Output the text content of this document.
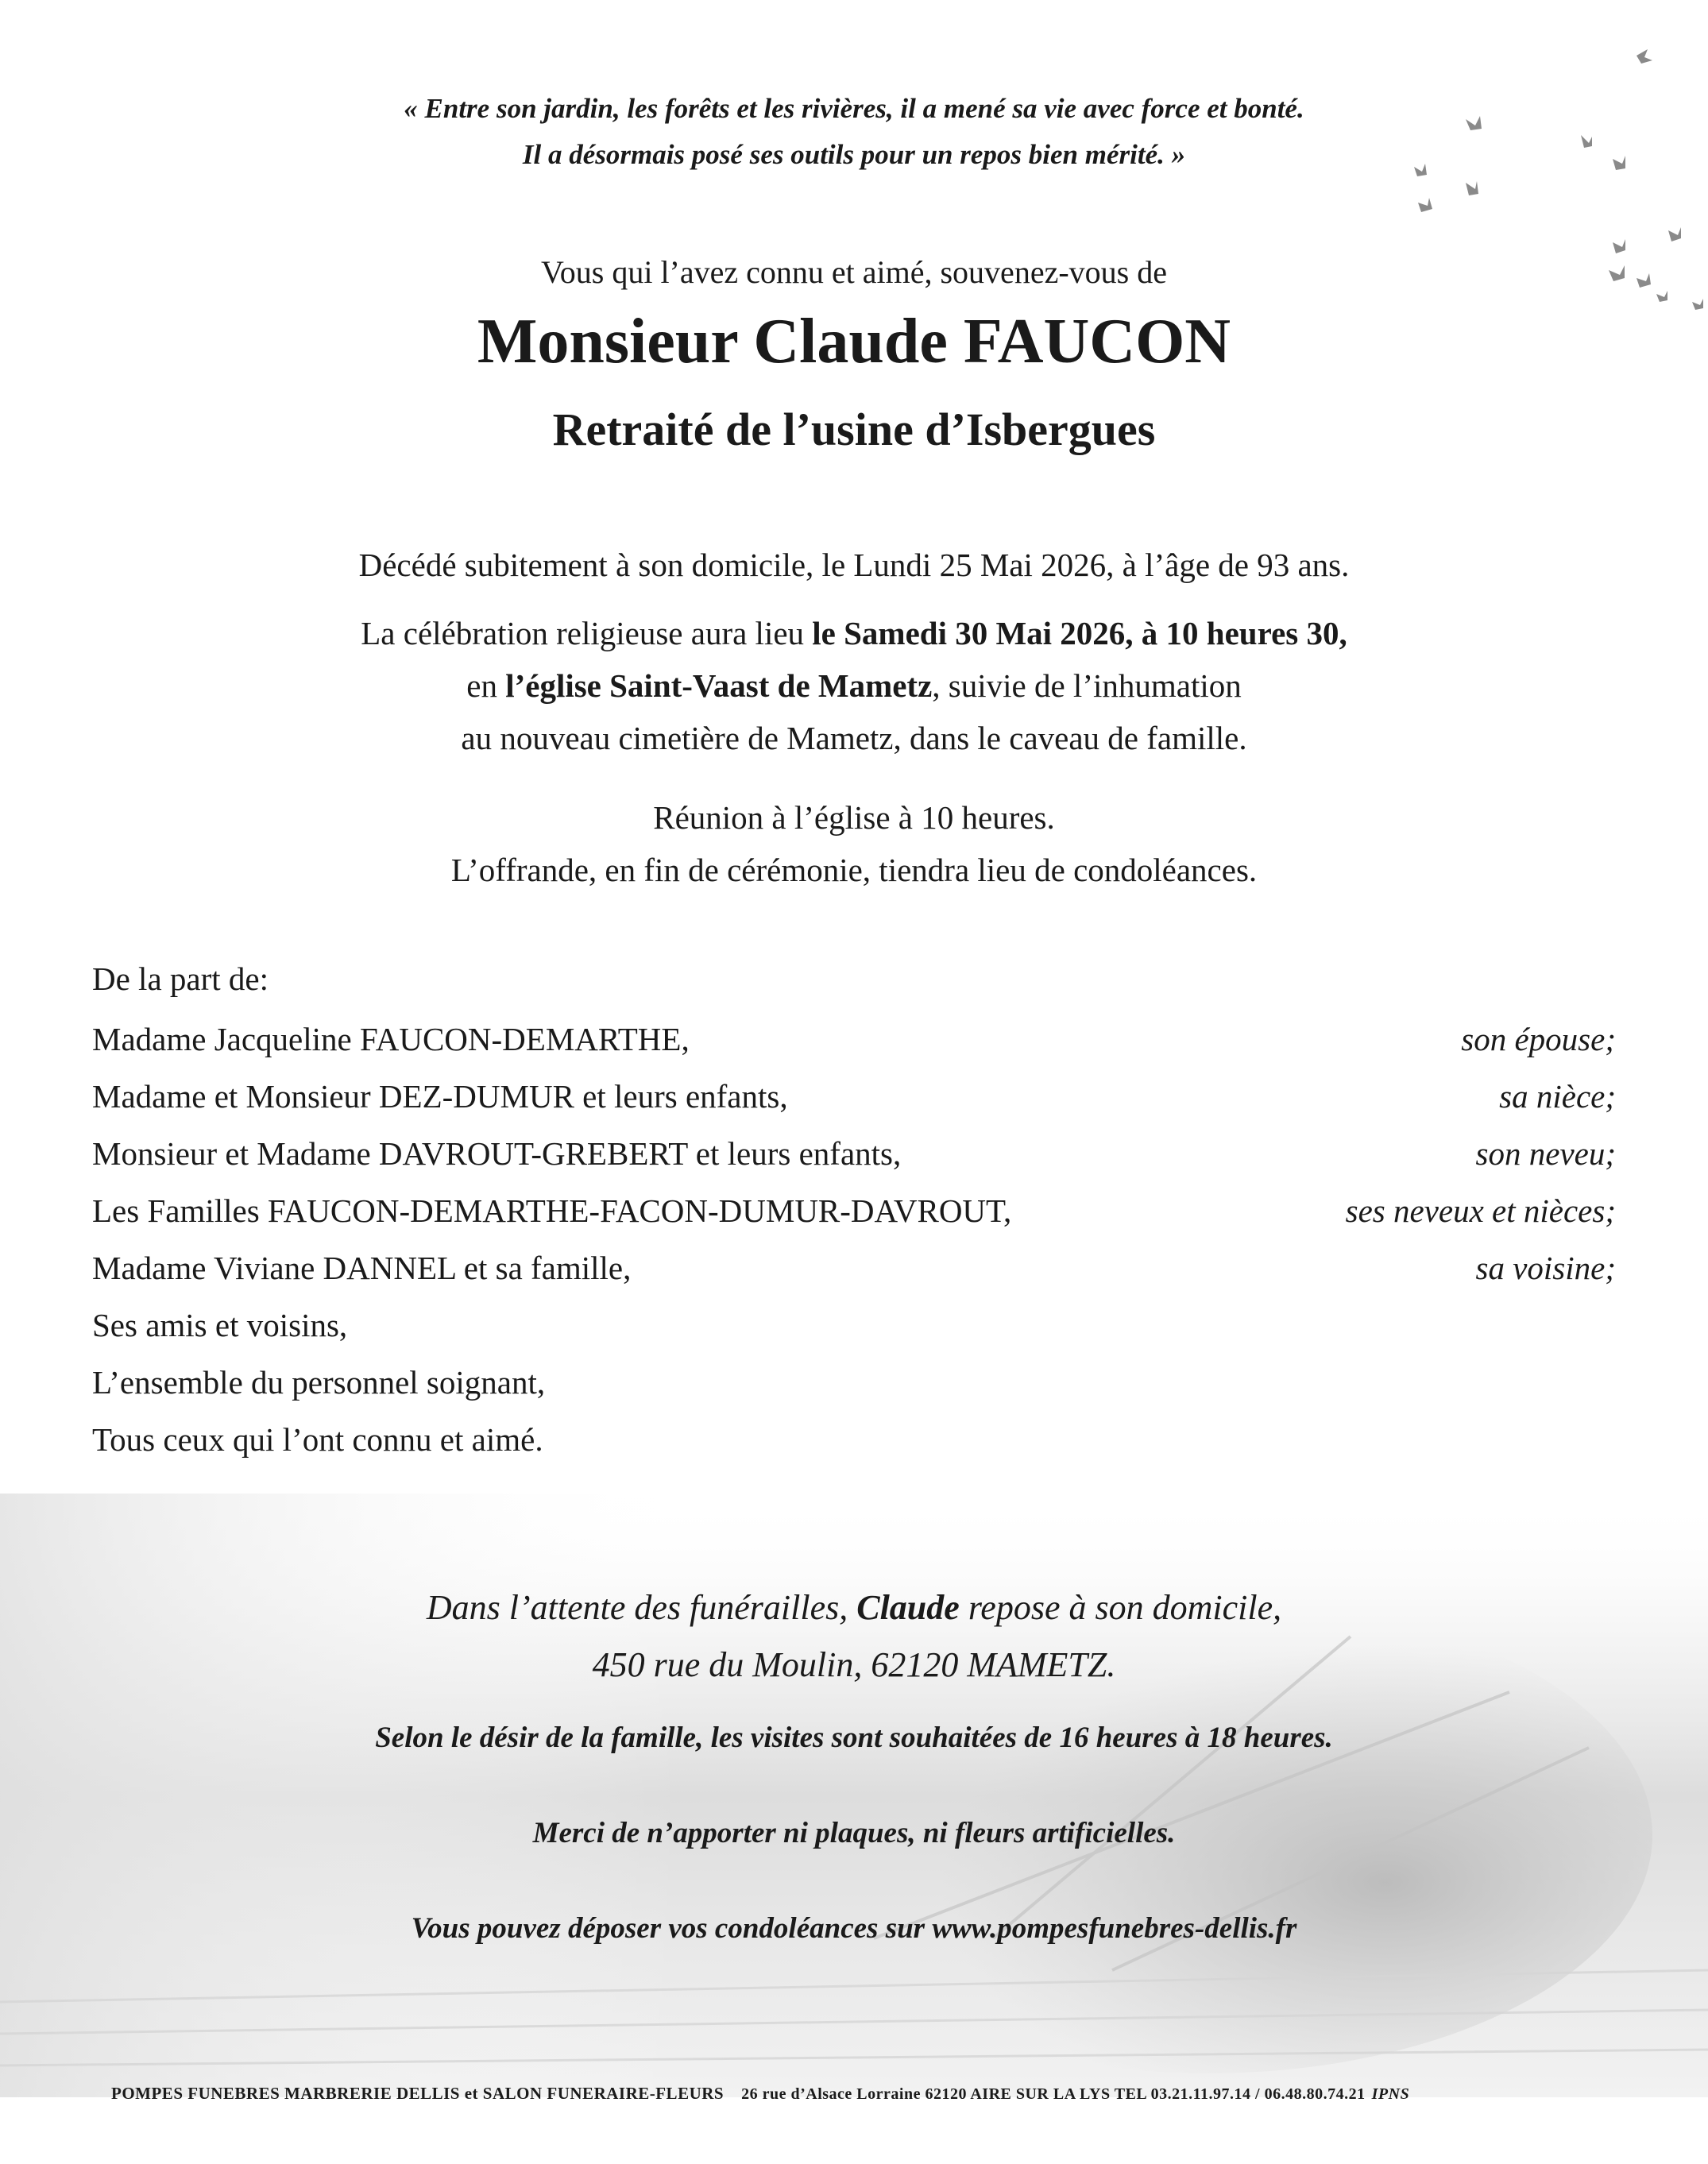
« Entre son jardin, les forêts et les rivières, il a mené sa vie avec force et bonté.
Il a désormais posé ses outils pour un repos bien mérité. »
Vous qui l’avez connu et aimé, souvenez-vous de
Monsieur Claude FAUCON
Retraité de l’usine d’Isbergues
Décédé subitement à son domicile, le Lundi 25 Mai 2026, à l’âge de 93 ans.
La célébration religieuse aura lieu le Samedi 30 Mai 2026, à 10 heures 30,
en l’église Saint-Vaast de Mametz, suivie de l’inhumation
au nouveau cimetière de Mametz, dans le caveau de famille.
Réunion à l’église à 10 heures.
L’offrande, en fin de cérémonie, tiendra lieu de condoléances.
De la part de:
Madame Jacqueline FAUCON-DEMARTHE,	son épouse;
Madame et Monsieur DEZ-DUMUR et leurs enfants,	sa nièce;
Monsieur et Madame DAVROUT-GREBERT et leurs enfants,	son neveu;
Les Familles FAUCON-DEMARTHE-FACON-DUMUR-DAVROUT,	ses neveux et nièces;
Madame Viviane DANNEL et sa famille,	sa voisine;
Ses amis et voisins,
L’ensemble du personnel soignant,
Tous ceux qui l’ont connu et aimé.
Dans l’attente des funérailles, Claude repose à son domicile,
450 rue du Moulin, 62120 MAMETZ.
Selon le désir de la famille, les visites sont souhaitées de 16 heures à 18 heures.
Merci de n’apporter ni plaques, ni fleurs artificielles.
Vous pouvez déposer vos condoléances sur www.pompesfunebres-dellis.fr
POMPES FUNEBRES MARBRERIE DELLIS et SALON FUNERAIRE-FLEURS 26 rue d’Alsace Lorraine 62120 AIRE SUR LA LYS TEL 03.21.11.97.14 / 06.48.80.74.21 IPNS
